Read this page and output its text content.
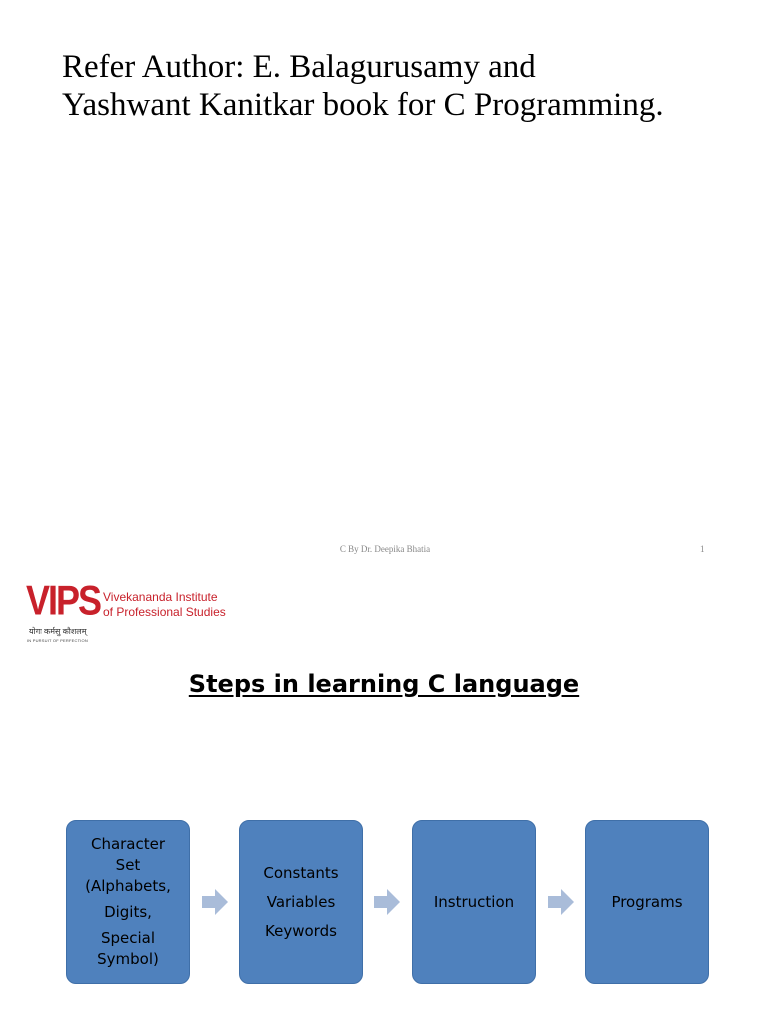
Refer Author: E. Balagurusamy and
Yashwant Kanitkar book for C Programming.
C By Dr. Deepika Bhatia	1
VIPS
योगः कर्मसु कौशलम्
IN PURSUIT OF PERFECTION
Vivekananda Institute
of Professional Studies
Steps in learning C language
Character
Set
(Alphabets,
Digits,
Special
Symbol)
Constants
Variables
Keywords
Instruction	Programs
